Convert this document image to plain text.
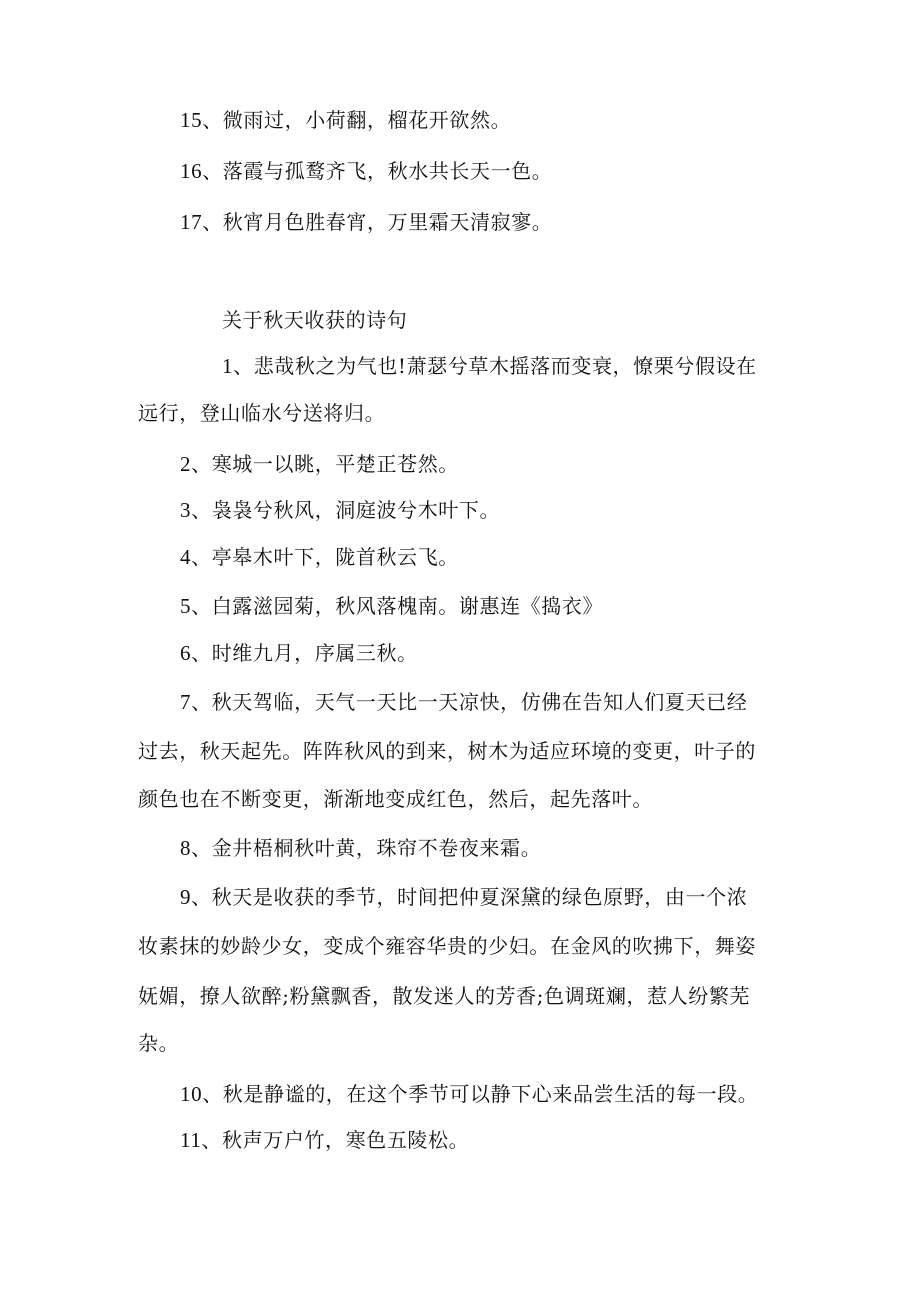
15、微雨过，小荷翻，榴花开欲然。
16、落霞与孤鹜齐飞，秋水共长天一色。
17、秋宵月色胜春宵，万里霜天清寂寥。
关于秋天收获的诗句
1、悲哉秋之为气也!萧瑟兮草木摇落而变衰，憭栗兮假设在
远行，登山临水兮送将归。
2、寒城一以眺，平楚正苍然。
3、袅袅兮秋风，洞庭波兮木叶下。
4、亭皋木叶下，陇首秋云飞。
5、白露滋园菊，秋风落槐南。谢惠连《捣衣》
6、时维九月，序属三秋。
7、秋天驾临，天气一天比一天凉快，仿佛在告知人们夏天已经
过去，秋天起先。阵阵秋风的到来，树木为适应环境的变更，叶子的
颜色也在不断变更，渐渐地变成红色，然后，起先落叶。
8、金井梧桐秋叶黄，珠帘不卷夜来霜。
9、秋天是收获的季节，时间把仲夏深黛的绿色原野，由一个浓
妆素抹的妙龄少女，变成个雍容华贵的少妇。在金风的吹拂下，舞姿
妩媚，撩人欲醉;粉黛飘香，散发迷人的芳香;色调斑斓，惹人纷繁芜
杂。
10、秋是静谧的，在这个季节可以静下心来品尝生活的每一段。
11、秋声万户竹，寒色五陵松。
